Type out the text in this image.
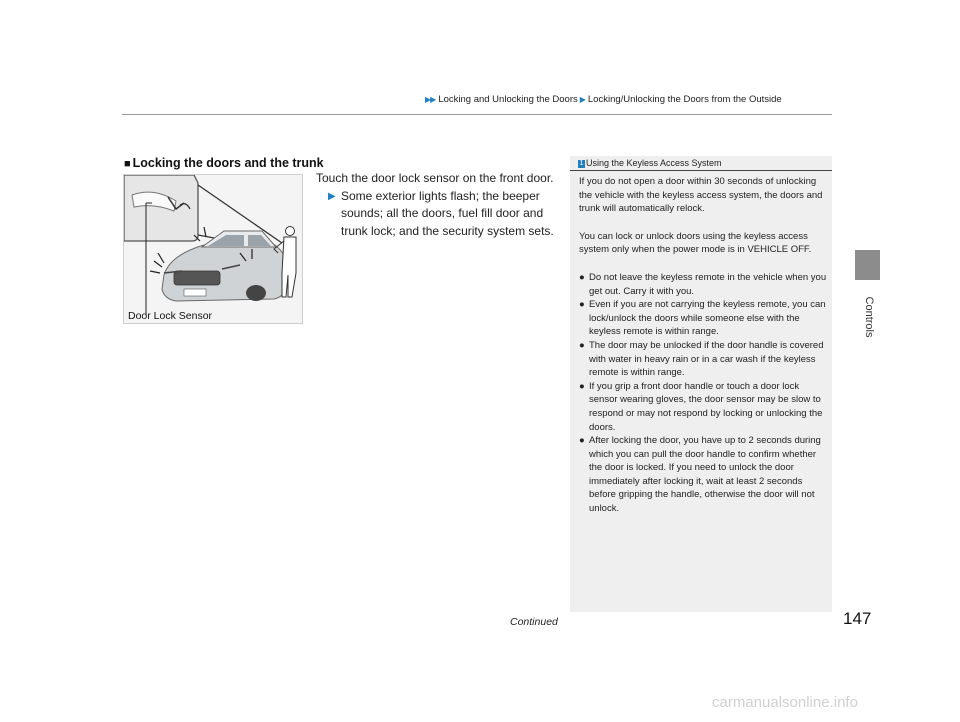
▶▶ Locking and Unlocking the Doors ▶ Locking/Unlocking the Doors from the Outside
Controls
■ Locking the doors and the trunk
Touch the door lock sensor on the front door.
▶ Some exterior lights flash; the beeper sounds; all the doors, fuel fill door and trunk lock; and the security system sets.
Door Lock Sensor
1 Using the Keyless Access System

If you do not open a door within 30 seconds of unlocking the vehicle with the keyless access system, the doors and trunk will automatically relock.

You can lock or unlock doors using the keyless access system only when the power mode is in VEHICLE OFF.

● Do not leave the keyless remote in the vehicle when you get out. Carry it with you.
● Even if you are not carrying the keyless remote, you can lock/unlock the doors while someone else with the keyless remote is within range.
● The door may be unlocked if the door handle is covered with water in heavy rain or in a car wash if the keyless remote is within range.
● If you grip a front door handle or touch a door lock sensor wearing gloves, the door sensor may be slow to respond or may not respond by locking or unlocking the doors.
● After locking the door, you have up to 2 seconds during which you can pull the door handle to confirm whether the door is locked. If you need to unlock the door immediately after locking it, wait at least 2 seconds before gripping the handle, otherwise the door will not unlock.
Continued	147
carmanualsonline.info
